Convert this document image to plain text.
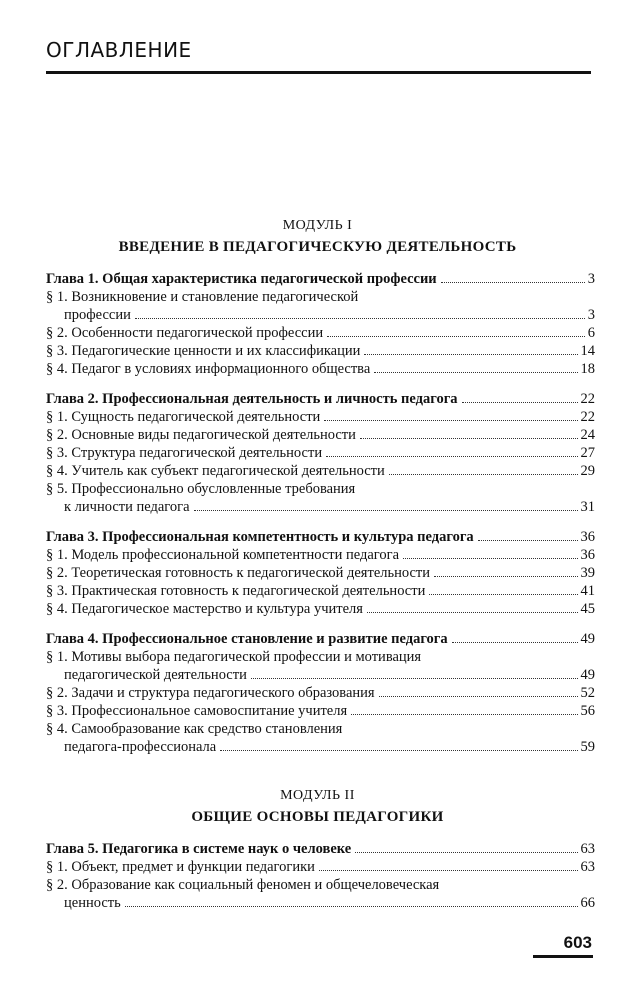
ОГЛАВЛЕНИЕ
МОДУЛЬ I
ВВЕДЕНИЕ В ПЕДАГОГИЧЕСКУЮ ДЕЯТЕЛЬНОСТЬ
Глава 1. Общая характеристика педагогической профессии	3
§ 1. Возникновение и становление педагогической
профессии	3
§ 2. Особенности педагогической профессии	6
§ 3. Педагогические ценности и их классификации	14
§ 4. Педагог в условиях информационного общества	18
Глава 2. Профессиональная деятельность и личность педагога	22
§ 1. Сущность педагогической деятельности	22
§ 2. Основные виды педагогической деятельности	24
§ 3. Структура педагогической деятельности	27
§ 4. Учитель как субъект педагогической деятельности	29
§ 5. Профессионально обусловленные требования
к личности педагога	31
Глава 3. Профессиональная компетентность и культура педагога	36
§ 1. Модель профессиональной компетентности педагога	36
§ 2. Теоретическая готовность к педагогической деятельности	39
§ 3. Практическая готовность к педагогической деятельности	41
§ 4. Педагогическое мастерство и культура учителя	45
Глава 4. Профессиональное становление и развитие педагога	49
§ 1. Мотивы выбора педагогической профессии и мотивация
педагогической деятельности	49
§ 2. Задачи и структура педагогического образования	52
§ 3. Профессиональное самовоспитание учителя	56
§ 4. Самообразование как средство становления
педагога-профессионала	59
МОДУЛЬ II
ОБЩИЕ ОСНОВЫ ПЕДАГОГИКИ
Глава 5. Педагогика в системе наук о человеке	63
§ 1. Объект, предмет и функции педагогики	63
§ 2. Образование как социальный феномен и общечеловеческая
ценность	66
603
